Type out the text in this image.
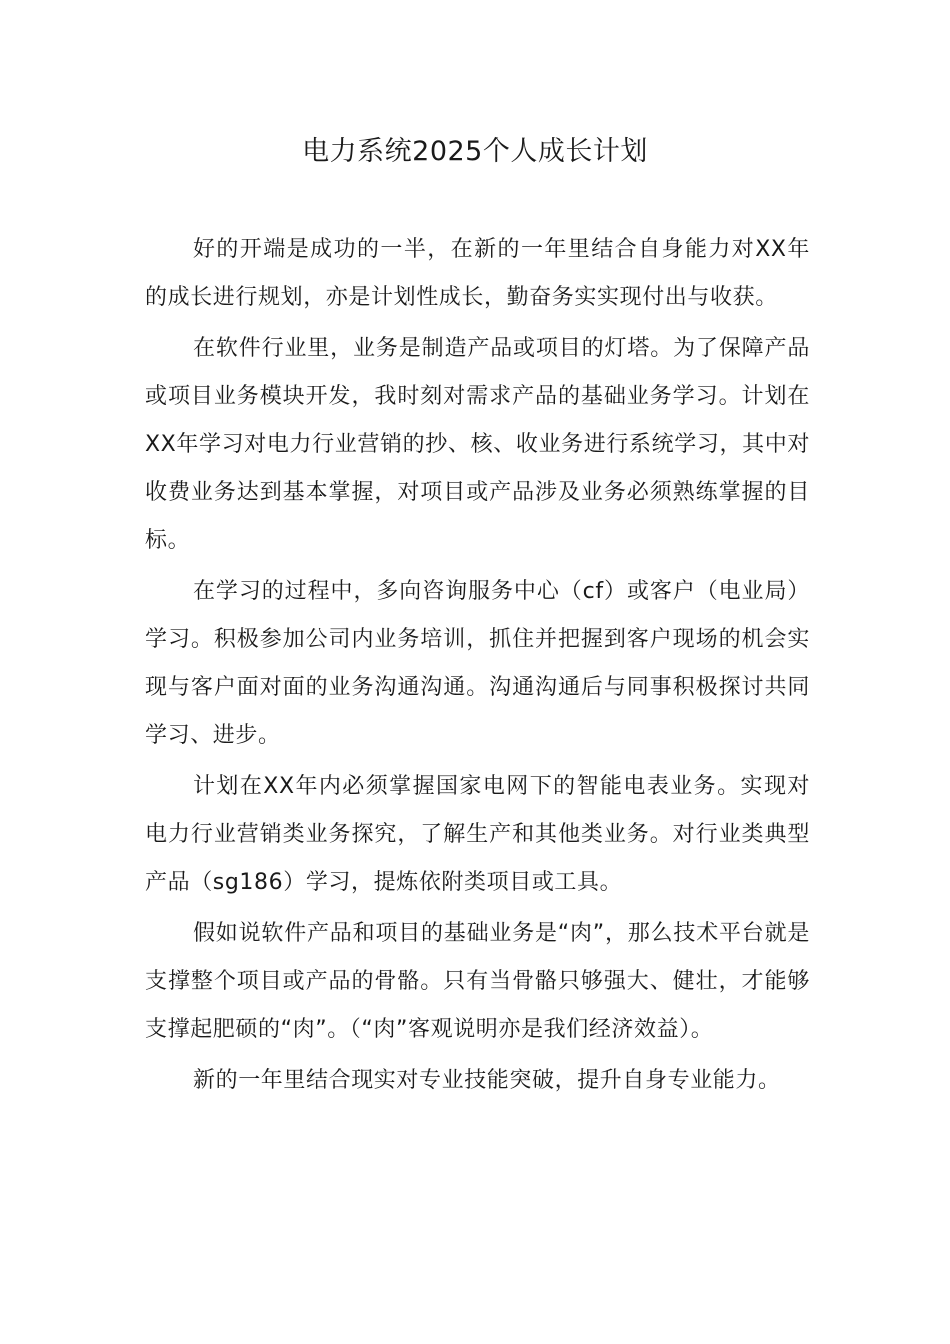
电力系统2025个人成长计划

好的开端是成功的一半，在新的一年里结合自身能力对XX年的成长进行规划，亦是计划性成长，勤奋务实实现付出与收获。

在软件行业里，业务是制造产品或项目的灯塔。为了保障产品或项目业务模块开发，我时刻对需求产品的基础业务学习。计划在XX年学习对电力行业营销的抄、核、收业务进行系统学习，其中对收费业务达到基本掌握，对项目或产品涉及业务必须熟练掌握的目标。

在学习的过程中，多向咨询服务中心（cf）或客户（电业局）学习。积极参加公司内业务培训，抓住并把握到客户现场的机会实现与客户面对面的业务沟通沟通。沟通沟通后与同事积极探讨共同学习、进步。

计划在XX年内必须掌握国家电网下的智能电表业务。实现对电力行业营销类业务探究，了解生产和其他类业务。对行业类典型产品（sg186）学习，提炼依附类项目或工具。

假如说软件产品和项目的基础业务是“肉”，那么技术平台就是支撑整个项目或产品的骨骼。只有当骨骼只够强大、健壮，才能够支撑起肥硕的“肉”。（“肉”客观说明亦是我们经济效益）。

新的一年里结合现实对专业技能突破，提升自身专业能力。
